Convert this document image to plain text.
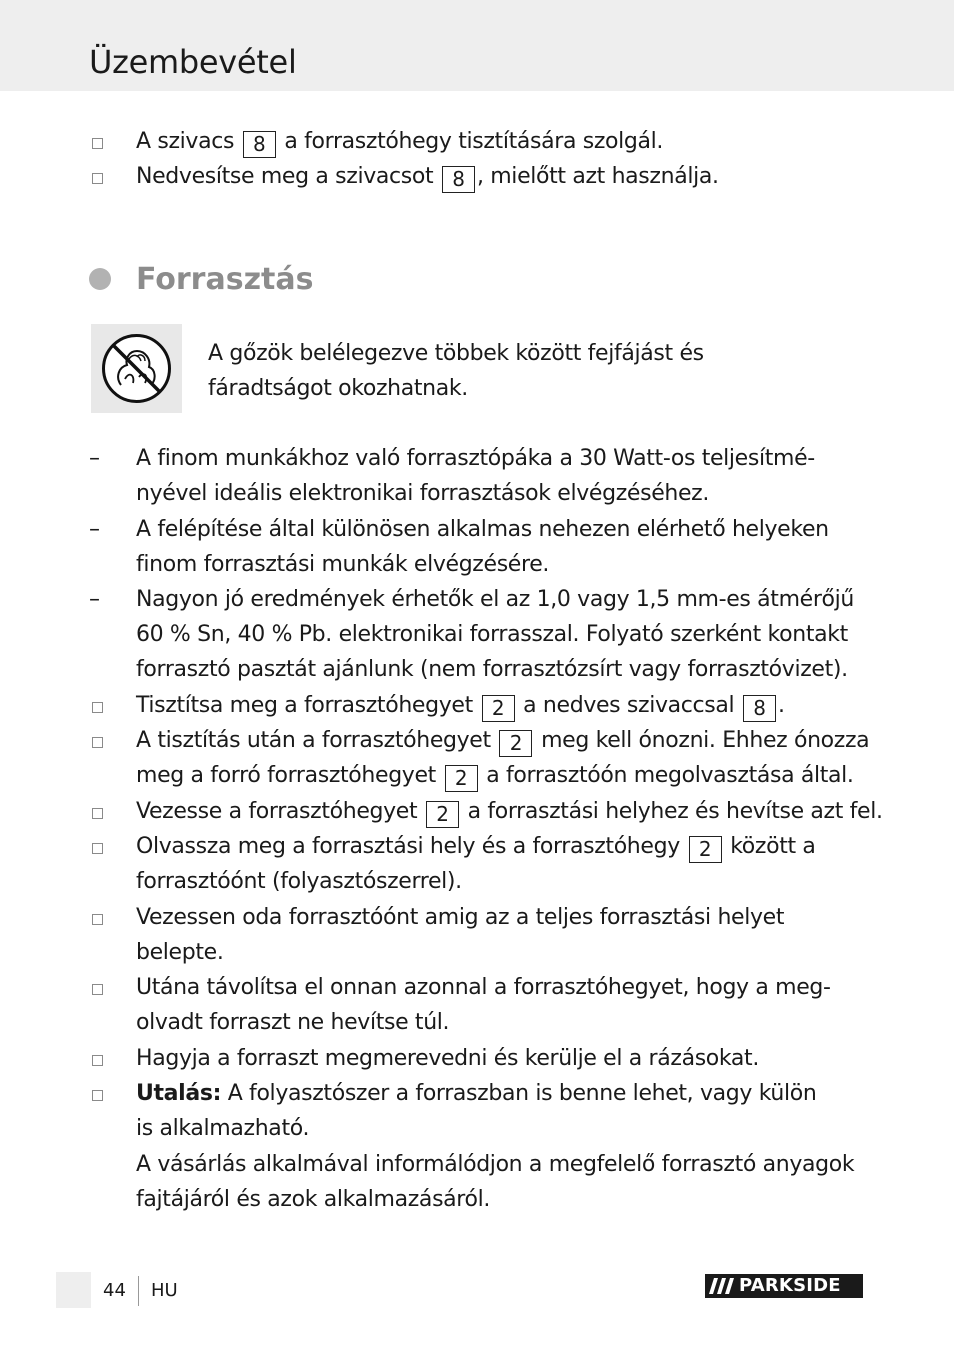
Üzembevétel
A szivacs 8 a forrasztóhegy tisztítására szolgál.
Nedvesítse meg a szivacsot 8 , mielőtt azt használja.
Forrasztás
A gőzök belélegezve többek között fejfájást és
fáradtságot okozhatnak.
– A finom munkákhoz való forrasztópáka a 30 Watt-os teljesítmé-
nyével ideális elektronikai forrasztások elvégzéséhez.
– A felépítése által különösen alkalmas nehezen elérhető helyeken
finom forrasztási munkák elvégzésére.
– Nagyon jó eredmények érhetők el az 1,0 vagy 1,5 mm-es átmérőjű
60 % Sn, 40 % Pb. elektronikai forrasszal. Folyató szerként kontakt
forrasztó pasztát ajánlunk (nem forrasztózsírt vagy forrasztóvizet).
Tisztítsa meg a forrasztóhegyet 2 a nedves szivaccsal 8 .
A tisztítás után a forrasztóhegyet 2 meg kell ónozni. Ehhez ónozza
meg a forró forrasztóhegyet 2 a forrasztóón megolvasztása által.
Vezesse a forrasztóhegyet 2 a forrasztási helyhez és hevítse azt fel.
Olvassza meg a forrasztási hely és a forrasztóhegy 2 között a
forrasztóónt (folyasztószerrel).
Vezessen oda forrasztóónt amig az a teljes forrasztási helyet
belepte.
Utána távolítsa el onnan azonnal a forrasztóhegyet, hogy a meg-
olvadt forraszt ne hevítse túl.
Hagyja a forraszt megmerevedni és kerülje el a rázásokat.
Utalás: A folyasztószer a forraszban is benne lehet, vagy külön
is alkalmazható.
A vásárlás alkalmával informálódjon a megfelelő forrasztó anyagok
fajtájáról és azok alkalmazásáról.
44 HU	PARKSIDE
